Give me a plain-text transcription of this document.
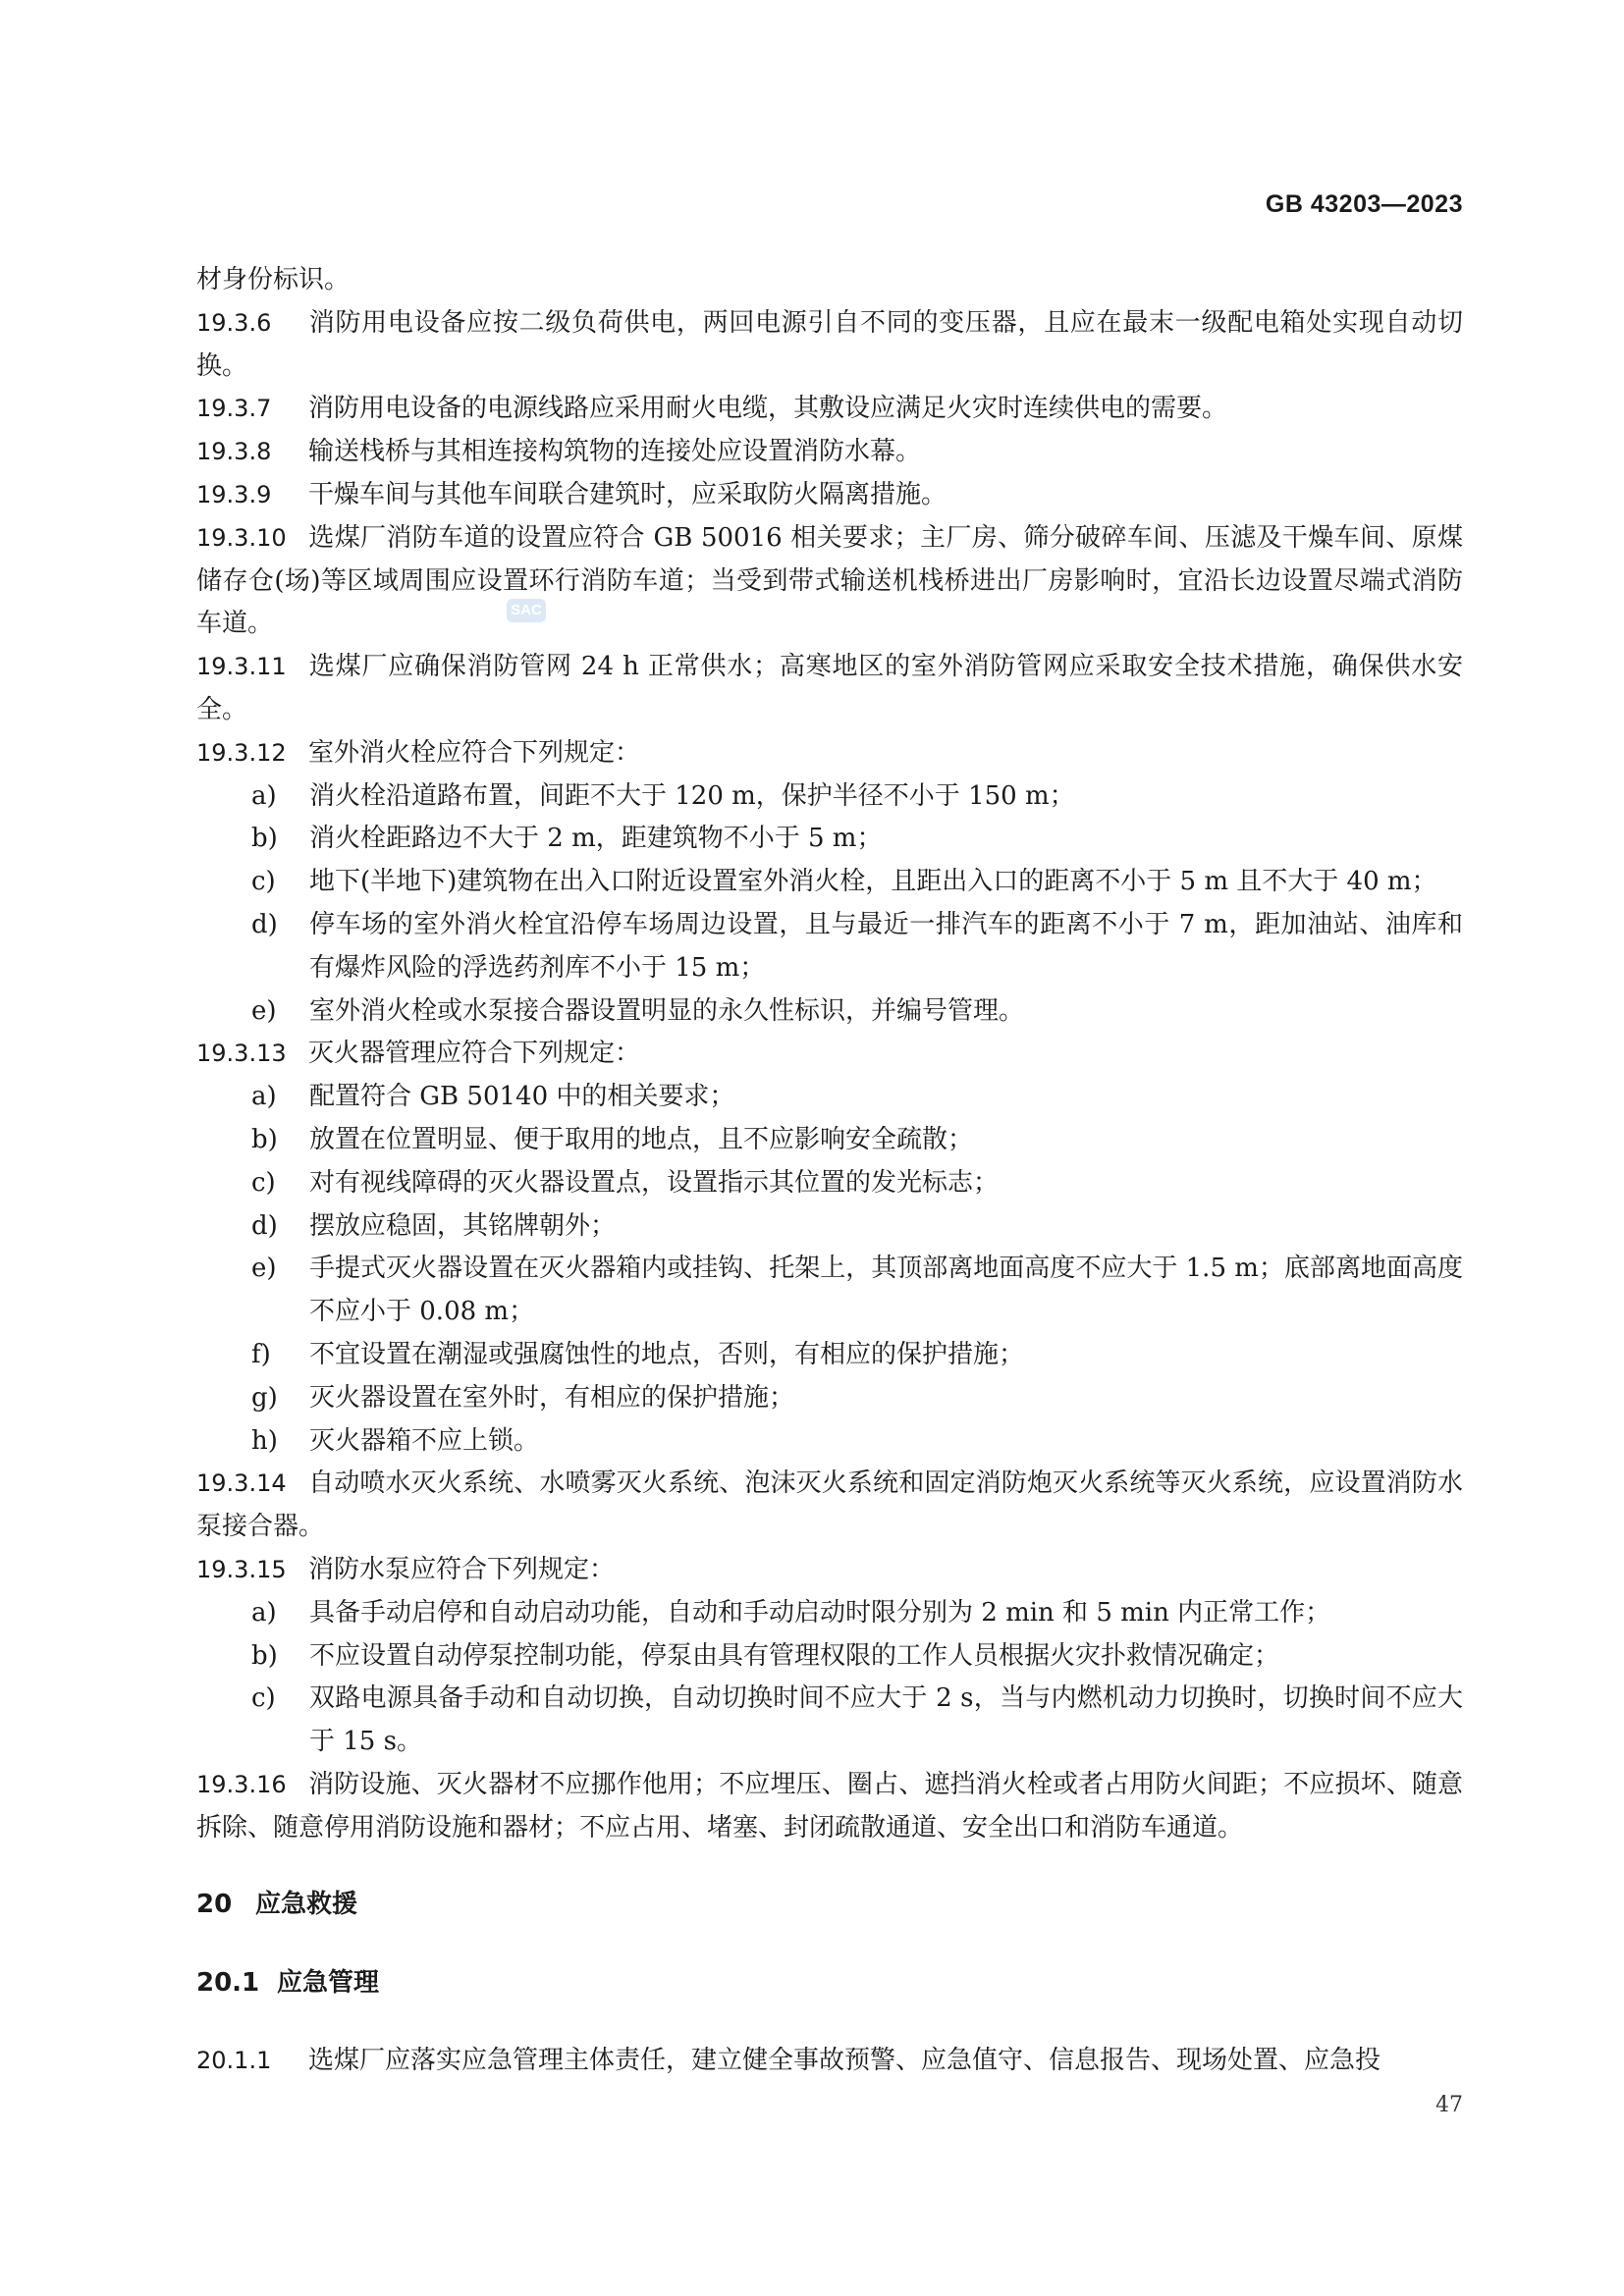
GB 43203—2023
SAC

材身份标识。

19.3.6 消防用电设备应按二级负荷供电，两回电源引自不同的变压器，且应在最末一级配电箱处实现自动切换。

19.3.7 消防用电设备的电源线路应采用耐火电缆，其敷设应满足火灾时连续供电的需要。

19.3.8 输送栈桥与其相连接构筑物的连接处应设置消防水幕。

19.3.9 干燥车间与其他车间联合建筑时，应采取防火隔离措施。

19.3.10 选煤厂消防车道的设置应符合 GB 50016 相关要求；主厂房、筛分破碎车间、压滤及干燥车间、原煤储存仓(场)等区域周围应设置环行消防车道；当受到带式输送机栈桥进出厂房影响时，宜沿长边设置尽端式消防车道。

19.3.11 选煤厂应确保消防管网 24 h 正常供水；高寒地区的室外消防管网应采取安全技术措施，确保供水安全。

19.3.12 室外消火栓应符合下列规定：

a) 消火栓沿道路布置，间距不大于 120 m，保护半径不小于 150 m；

b) 消火栓距路边不大于 2 m，距建筑物不小于 5 m；

c) 地下(半地下)建筑物在出入口附近设置室外消火栓，且距出入口的距离不小于 5 m 且不大于 40 m；

d) 停车场的室外消火栓宜沿停车场周边设置，且与最近一排汽车的距离不小于 7 m，距加油站、油库和有爆炸风险的浮选药剂库不小于 15 m；

e) 室外消火栓或水泵接合器设置明显的永久性标识，并编号管理。

19.3.13 灭火器管理应符合下列规定：

a) 配置符合 GB 50140 中的相关要求；

b) 放置在位置明显、便于取用的地点，且不应影响安全疏散；

c) 对有视线障碍的灭火器设置点，设置指示其位置的发光标志；

d) 摆放应稳固，其铭牌朝外；

e) 手提式灭火器设置在灭火器箱内或挂钩、托架上，其顶部离地面高度不应大于 1.5 m；底部离地面高度不应小于 0.08 m；

f) 不宜设置在潮湿或强腐蚀性的地点，否则，有相应的保护措施；

g) 灭火器设置在室外时，有相应的保护措施；

h) 灭火器箱不应上锁。

19.3.14 自动喷水灭火系统、水喷雾灭火系统、泡沫灭火系统和固定消防炮灭火系统等灭火系统，应设置消防水泵接合器。

19.3.15 消防水泵应符合下列规定：

a) 具备手动启停和自动启动功能，自动和手动启动时限分别为 2 min 和 5 min 内正常工作；

b) 不应设置自动停泵控制功能，停泵由具有管理权限的工作人员根据火灾扑救情况确定；

c) 双路电源具备手动和自动切换，自动切换时间不应大于 2 s，当与内燃机动力切换时，切换时间不应大于 15 s。

19.3.16 消防设施、灭火器材不应挪作他用；不应埋压、圈占、遮挡消火栓或者占用防火间距；不应损坏、随意拆除、随意停用消防设施和器材；不应占用、堵塞、封闭疏散通道、安全出口和消防车通道。

20 应急救援

20.1 应急管理

20.1.1 选煤厂应落实应急管理主体责任，建立健全事故预警、应急值守、信息报告、现场处置、应急投

47
